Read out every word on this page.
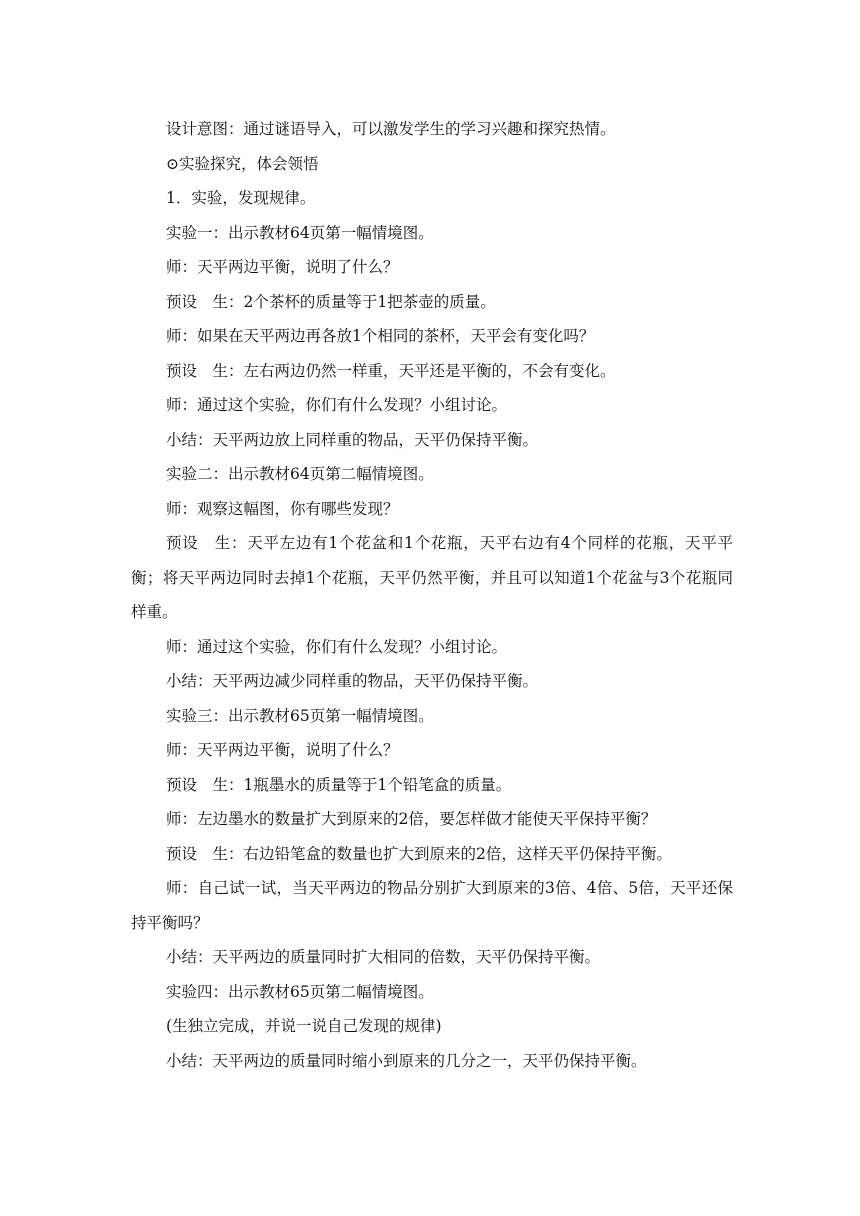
设计意图：通过谜语导入，可以激发学生的学习兴趣和探究热情。

⊙实验探究，体会领悟

1．实验，发现规律。

实验一：出示教材64页第一幅情境图。

师：天平两边平衡，说明了什么？

预设　生：2个茶杯的质量等于1把茶壶的质量。

师：如果在天平两边再各放1个相同的茶杯，天平会有变化吗？

预设　生：左右两边仍然一样重，天平还是平衡的，不会有变化。

师：通过这个实验，你们有什么发现？小组讨论。

小结：天平两边放上同样重的物品，天平仍保持平衡。

实验二：出示教材64页第二幅情境图。

师：观察这幅图，你有哪些发现？

预设　生：天平左边有1个花盆和1个花瓶，天平右边有4个同样的花瓶，天平平衡；将天平两边同时去掉1个花瓶，天平仍然平衡，并且可以知道1个花盆与3个花瓶同样重。

师：通过这个实验，你们有什么发现？小组讨论。

小结：天平两边减少同样重的物品，天平仍保持平衡。

实验三：出示教材65页第一幅情境图。

师：天平两边平衡，说明了什么？

预设　生：1瓶墨水的质量等于1个铅笔盒的质量。

师：左边墨水的数量扩大到原来的2倍，要怎样做才能使天平保持平衡？

预设　生：右边铅笔盒的数量也扩大到原来的2倍，这样天平仍保持平衡。

师：自己试一试，当天平两边的物品分别扩大到原来的3倍、4倍、5倍，天平还保持平衡吗？

小结：天平两边的质量同时扩大相同的倍数，天平仍保持平衡。

实验四：出示教材65页第二幅情境图。

(生独立完成，并说一说自己发现的规律)

小结：天平两边的质量同时缩小到原来的几分之一，天平仍保持平衡。
